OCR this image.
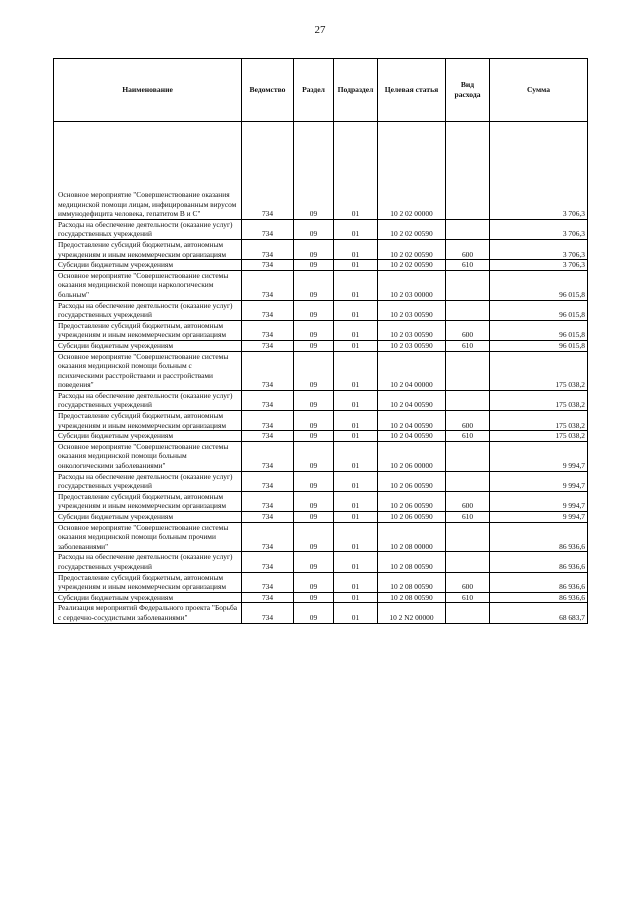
27
Наименование	Ведомство	Раздел	Подраздел	Целевая статья	Вид расхода	Сумма

Основное мероприятие "Совершенствование оказания медицинской помощи лицам, инфицированным вирусом иммунодефицита человека, гепатитом В и С"	734	09	01	10 2 02 00000		3 706,3
Расходы на обеспечение деятельности (оказание услуг) государственных учреждений	734	09	01	10 2 02 00590		3 706,3
Предоставление субсидий бюджетным, автономным учреждениям и иным некоммерческим организациям	734	09	01	10 2 02 00590	600	3 706,3
Субсидии бюджетным учреждениям	734	09	01	10 2 02 00590	610	3 706,3
Основное мероприятие "Совершенствование системы оказания медицинской помощи наркологическим больным"	734	09	01	10 2 03 00000		96 015,8
Расходы на обеспечение деятельности (оказание услуг) государственных учреждений	734	09	01	10 2 03 00590		96 015,8
Предоставление субсидий бюджетным, автономным учреждениям и иным некоммерческим организациям	734	09	01	10 2 03 00590	600	96 015,8
Субсидии бюджетным учреждениям	734	09	01	10 2 03 00590	610	96 015,8
Основное мероприятие "Совершенствование системы оказания медицинской помощи больным с психическими расстройствами и расстройствами поведения"	734	09	01	10 2 04 00000		175 038,2
Расходы на обеспечение деятельности (оказание услуг) государственных учреждений	734	09	01	10 2 04 00590		175 038,2
Предоставление субсидий бюджетным, автономным учреждениям и иным некоммерческим организациям	734	09	01	10 2 04 00590	600	175 038,2
Субсидии бюджетным учреждениям	734	09	01	10 2 04 00590	610	175 038,2
Основное мероприятие "Совершенствование системы оказания медицинской помощи больным онкологическими заболеваниями"	734	09	01	10 2 06 00000		9 994,7
Расходы на обеспечение деятельности (оказание услуг) государственных учреждений	734	09	01	10 2 06 00590		9 994,7
Предоставление субсидий бюджетным, автономным учреждениям и иным некоммерческим организациям	734	09	01	10 2 06 00590	600	9 994,7
Субсидии бюджетным учреждениям	734	09	01	10 2 06 00590	610	9 994,7
Основное мероприятие "Совершенствование системы оказания медицинской помощи больным прочими заболеваниями"	734	09	01	10 2 08 00000		86 936,6
Расходы на обеспечение деятельности (оказание услуг) государственных учреждений	734	09	01	10 2 08 00590		86 936,6
Предоставление субсидий бюджетным, автономным учреждениям и иным некоммерческим организациям	734	09	01	10 2 08 00590	600	86 936,6
Субсидии бюджетным учреждениям	734	09	01	10 2 08 00590	610	86 936,6
Реализация мероприятий Федерального проекта "Борьба с сердечно-сосудистыми заболеваниями"	734	09	01	10 2 N2 00000		68 683,7
